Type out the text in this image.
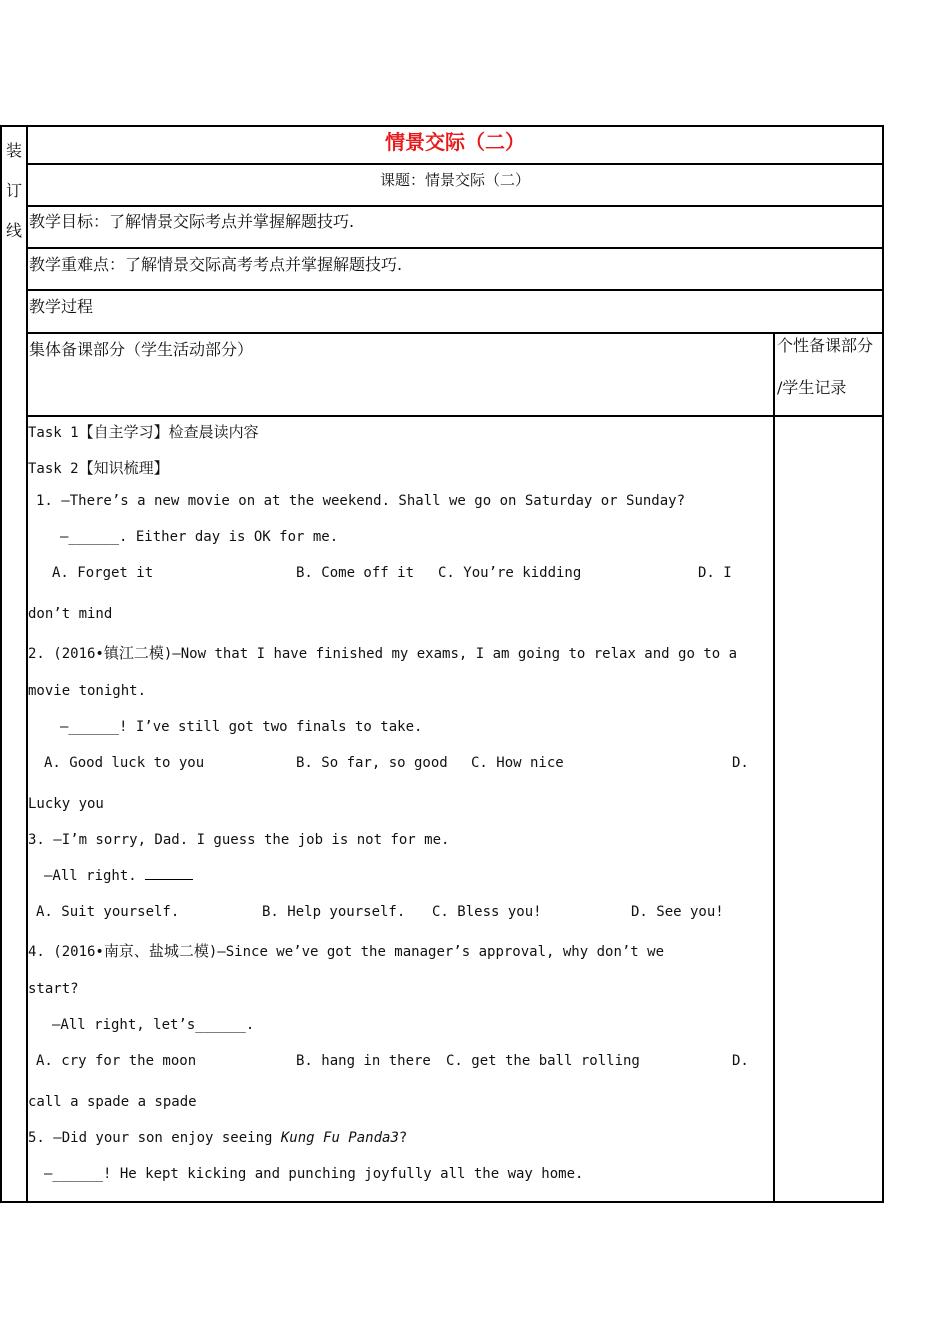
装
订
线
情景交际（二）
课题：情景交际（二）
教学目标：了解情景交际考点并掌握解题技巧.
教学重难点：了解情景交际高考考点并掌握解题技巧.
教学过程
集体备课部分（学生活动部分）	个性备课部分
/学生记录
Task 1【自主学习】检查晨读内容
Task 2【知识梳理】
1. —There’s a new movie on at the weekend. Shall we go on Saturday or Sunday?
—______. Either day is OK for me.
A. Forget it	B. Come off it C. You’re kidding	D. I
don’t mind
2. (2016•镇江二模)—Now that I have finished my exams, I am going to relax and go to a
movie tonight.
—______! I’ve still got two finals to take.
A. Good luck to you	B. So far, so good C. How nice	D.
Lucky you
3. —I’m sorry, Dad. I guess the job is not for me.
—All right.
A. Suit yourself.	B. Help yourself. C. Bless you!	D. See you!
4. (2016•南京、盐城二模)—Since we’ve got the manager’s approval, why don’t we
start?
—All right, let’s______.
A. cry for the moon	B. hang in there C. get the ball rolling	D.
call a spade a spade
5. —Did your son enjoy seeing Kung Fu Panda3?
—______! He kept kicking and punching joyfully all the way home.
